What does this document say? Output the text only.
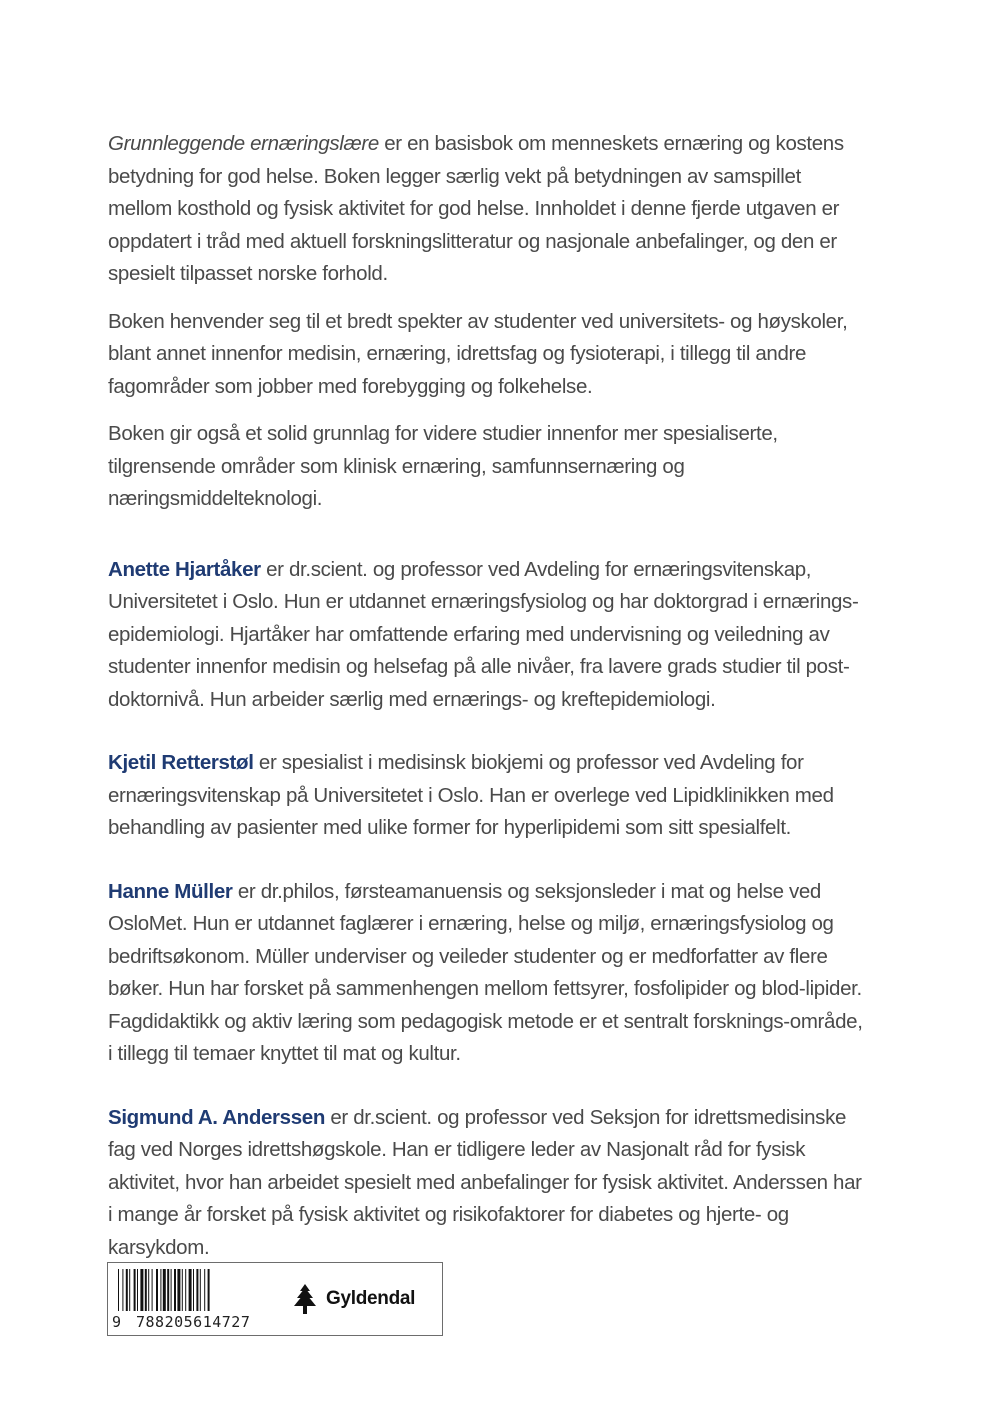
Grunnleggende ernæringslære er en basisbok om menneskets ernæring og kostens betydning for god helse. Boken legger særlig vekt på betydningen av samspillet mellom kosthold og fysisk aktivitet for god helse. Innholdet i denne fjerde utgaven er oppdatert i tråd med aktuell forskningslitteratur og nasjonale anbefalinger, og den er spesielt tilpasset norske forhold.

Boken henvender seg til et bredt spekter av studenter ved universitets- og høyskoler, blant annet innenfor medisin, ernæring, idrettsfag og fysioterapi, i tillegg til andre fagområder som jobber med forebygging og folkehelse.

Boken gir også et solid grunnlag for videre studier innenfor mer spesialiserte, tilgrensende områder som klinisk ernæring, samfunnsernæring og næringsmiddelteknologi.

Anette Hjartåker er dr.scient. og professor ved Avdeling for ernæringsvitenskap, Universitetet i Oslo. Hun er utdannet ernæringsfysiolog og har doktorgrad i ernærings-epidemiologi. Hjartåker har omfattende erfaring med undervisning og veiledning av studenter innenfor medisin og helsefag på alle nivåer, fra lavere grads studier til post-doktornivå. Hun arbeider særlig med ernærings- og kreftepidemiologi.

Kjetil Retterstøl er spesialist i medisinsk biokjemi og professor ved Avdeling for ernæringsvitenskap på Universitetet i Oslo. Han er overlege ved Lipidklinikken med behandling av pasienter med ulike former for hyperlipidemi som sitt spesialfelt.

Hanne Müller er dr.philos, førsteamanuensis og seksjonsleder i mat og helse ved OsloMet. Hun er utdannet faglærer i ernæring, helse og miljø, ernæringsfysiolog og bedriftsøkonom. Müller underviser og veileder studenter og er medforfatter av flere bøker. Hun har forsket på sammenhengen mellom fettsyrer, fosfolipider og blod-lipider. Fagdidaktikk og aktiv læring som pedagogisk metode er et sentralt forsknings-område, i tillegg til temaer knyttet til mat og kultur.

Sigmund A. Anderssen er dr.scient. og professor ved Seksjon for idrettsmedisinske fag ved Norges idrettshøgskole. Han er tidligere leder av Nasjonalt råd for fysisk aktivitet, hvor han arbeidet spesielt med anbefalinger for fysisk aktivitet. Anderssen har i mange år forsket på fysisk aktivitet og risikofaktorer for diabetes og hjerte- og karsykdom.

9 788205614727
Gyldendal
